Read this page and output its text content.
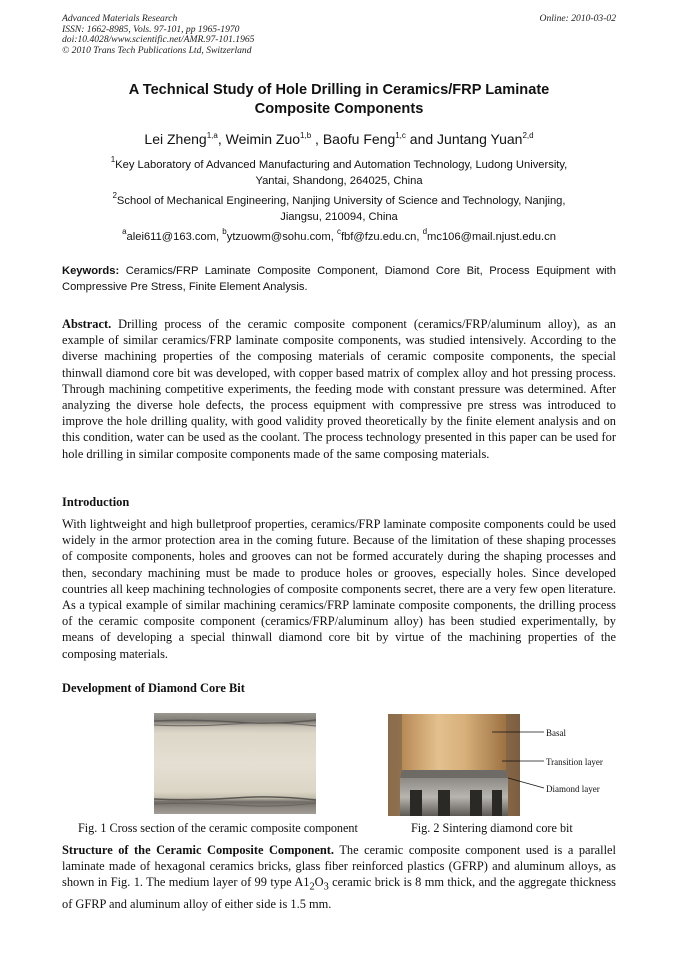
Advanced Materials Research
ISSN: 1662-8985, Vols. 97-101, pp 1965-1970
doi:10.4028/www.scientific.net/AMR.97-101.1965
© 2010 Trans Tech Publications Ltd, Switzerland
Online: 2010-03-02
A Technical Study of Hole Drilling in Ceramics/FRP Laminate
Composite Components
Lei Zheng$^{1,a}$, Weimin Zuo$^{1,b}$ , Baofu Feng$^{1,c}$ and Juntang Yuan$^{2,d}$
$^1$Key Laboratory of Advanced Manufacturing and Automation Technology, Ludong University,
Yantai, Shandong, 264025, China
$^2$School of Mechanical Engineering, Nanjing University of Science and Technology, Nanjing,
Jiangsu, 210094, China
$^a$alei611@163.com, $^b$ytzuowm@sohu.com, $^c$fbf@fzu.edu.cn, $^d$mc106@mail.njust.edu.cn
Keywords: Ceramics/FRP Laminate Composite Component, Diamond Core Bit, Process Equipment with Compressive Pre Stress, Finite Element Analysis.
Abstract. Drilling process of the ceramic composite component (ceramics/FRP/aluminum alloy), as an example of similar ceramics/FRP laminate composite components, was studied intensively. According to the diverse machining properties of the composing materials of ceramic composite components, the special thinwall diamond core bit was developed, with copper based matrix of complex alloy and hot pressing process. Through machining competitive experiments, the feeding mode with constant pressure was determined. After analyzing the diverse hole defects, the process equipment with compressive pre stress was introduced to improve the hole drilling quality, with good validity proved theoretically by the finite element analysis and on this condition, water can be used as the coolant. The process technology presented in this paper can be used for hole drilling in similar composite components made of the same composing materials.
Introduction
With lightweight and high bulletproof properties, ceramics/FRP laminate composite components could be used widely in the armor protection area in the coming future. Because of the limitation of these shaping processes of composite components, holes and grooves can not be formed accurately during the shaping processes and then, secondary machining must be made to produce holes or grooves, especially holes. Since developed countries all keep machining technologies of composite components secret, there are a very few open literature. As a typical example of similar machining ceramics/FRP laminate composite components, the drilling process of the ceramic composite component (ceramics/FRP/aluminum alloy) has been studied experimentally, by means of developing a special thinwall diamond core bit by virtue of the machining properties of the composing materials.
Development of Diamond Core Bit
Basal
Transition layer
Diamond layer
Fig. 1 Cross section of the ceramic composite component	Fig. 2 Sintering diamond core bit
Structure of the Ceramic Composite Component. The ceramic composite component used is a parallel laminate made of hexagonal ceramics bricks, glass fiber reinforced plastics (GFRP) and aluminum alloys, as shown in Fig. 1. The medium layer of 99 type $A1_2O_3$ ceramic brick is 8 mm thick, and the aggregate thickness of GFRP and aluminum alloy of either side is 1.5 mm.
